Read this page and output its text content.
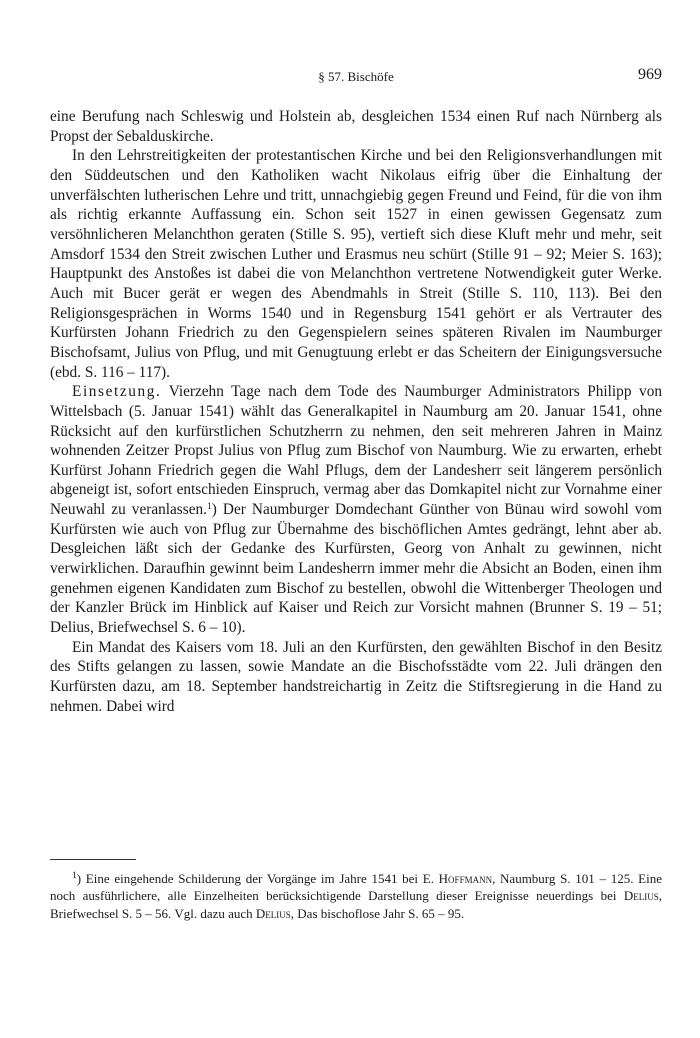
§ 57. Bischöfe	969

eine Berufung nach Schleswig und Holstein ab, desgleichen 1534 einen Ruf nach Nürnberg als Propst der Sebalduskirche.

In den Lehrstreitigkeiten der protestantischen Kirche und bei den Religionsverhandlungen mit den Süddeutschen und den Katholiken wacht Nikolaus eifrig über die Einhaltung der unverfälschten lutherischen Lehre und tritt, unnachgiebig gegen Freund und Feind, für die von ihm als richtig erkannte Auffassung ein. Schon seit 1527 in einen gewissen Gegensatz zum versöhnlicheren Melanchthon geraten (Stille S. 95), vertieft sich diese Kluft mehr und mehr, seit Amsdorf 1534 den Streit zwischen Luther und Erasmus neu schürt (Stille 91 – 92; Meier S. 163); Hauptpunkt des Anstoßes ist dabei die von Melanchthon vertretene Notwendigkeit guter Werke. Auch mit Bucer gerät er wegen des Abendmahls in Streit (Stille S. 110, 113). Bei den Religionsgesprächen in Worms 1540 und in Regensburg 1541 gehört er als Vertrauter des Kurfürsten Johann Friedrich zu den Gegenspielern seines späteren Rivalen im Naumburger Bischofsamt, Julius von Pflug, und mit Genugtuung erlebt er das Scheitern der Einigungsversuche (ebd. S. 116 – 117).

Einsetzung. Vierzehn Tage nach dem Tode des Naumburger Administrators Philipp von Wittelsbach (5. Januar 1541) wählt das Generalkapitel in Naumburg am 20. Januar 1541, ohne Rücksicht auf den kurfürstlichen Schutzherrn zu nehmen, den seit mehreren Jahren in Mainz wohnenden Zeitzer Propst Julius von Pflug zum Bischof von Naumburg. Wie zu erwarten, erhebt Kurfürst Johann Friedrich gegen die Wahl Pflugs, dem der Landesherr seit längerem persönlich abgeneigt ist, sofort entschieden Einspruch, vermag aber das Domkapitel nicht zur Vornahme einer Neuwahl zu veranlassen.$^1$) Der Naumburger Domdechant Günther von Bünau wird sowohl vom Kurfürsten wie auch von Pflug zur Übernahme des bischöflichen Amtes gedrängt, lehnt aber ab. Desgleichen läßt sich der Gedanke des Kurfürsten, Georg von Anhalt zu gewinnen, nicht verwirklichen. Daraufhin gewinnt beim Landesherrn immer mehr die Absicht an Boden, einen ihm genehmen eigenen Kandidaten zum Bischof zu bestellen, obwohl die Wittenberger Theologen und der Kanzler Brück im Hinblick auf Kaiser und Reich zur Vorsicht mahnen (Brunner S. 19 – 51; Delius, Briefwechsel S. 6 – 10).

Ein Mandat des Kaisers vom 18. Juli an den Kurfürsten, den gewählten Bischof in den Besitz des Stifts gelangen zu lassen, sowie Mandate an die Bischofsstädte vom 22. Juli drängen den Kurfürsten dazu, am 18. September handstreichartig in Zeitz die Stiftsregierung in die Hand zu nehmen. Dabei wird

$^1$) Eine eingehende Schilderung der Vorgänge im Jahre 1541 bei E. Hoffmann, Naumburg S. 101 – 125. Eine noch ausführlichere, alle Einzelheiten berücksichtigende Darstellung dieser Ereignisse neuerdings bei Delius, Briefwechsel S. 5 – 56. Vgl. dazu auch Delius, Das bischoflose Jahr S. 65 – 95.
